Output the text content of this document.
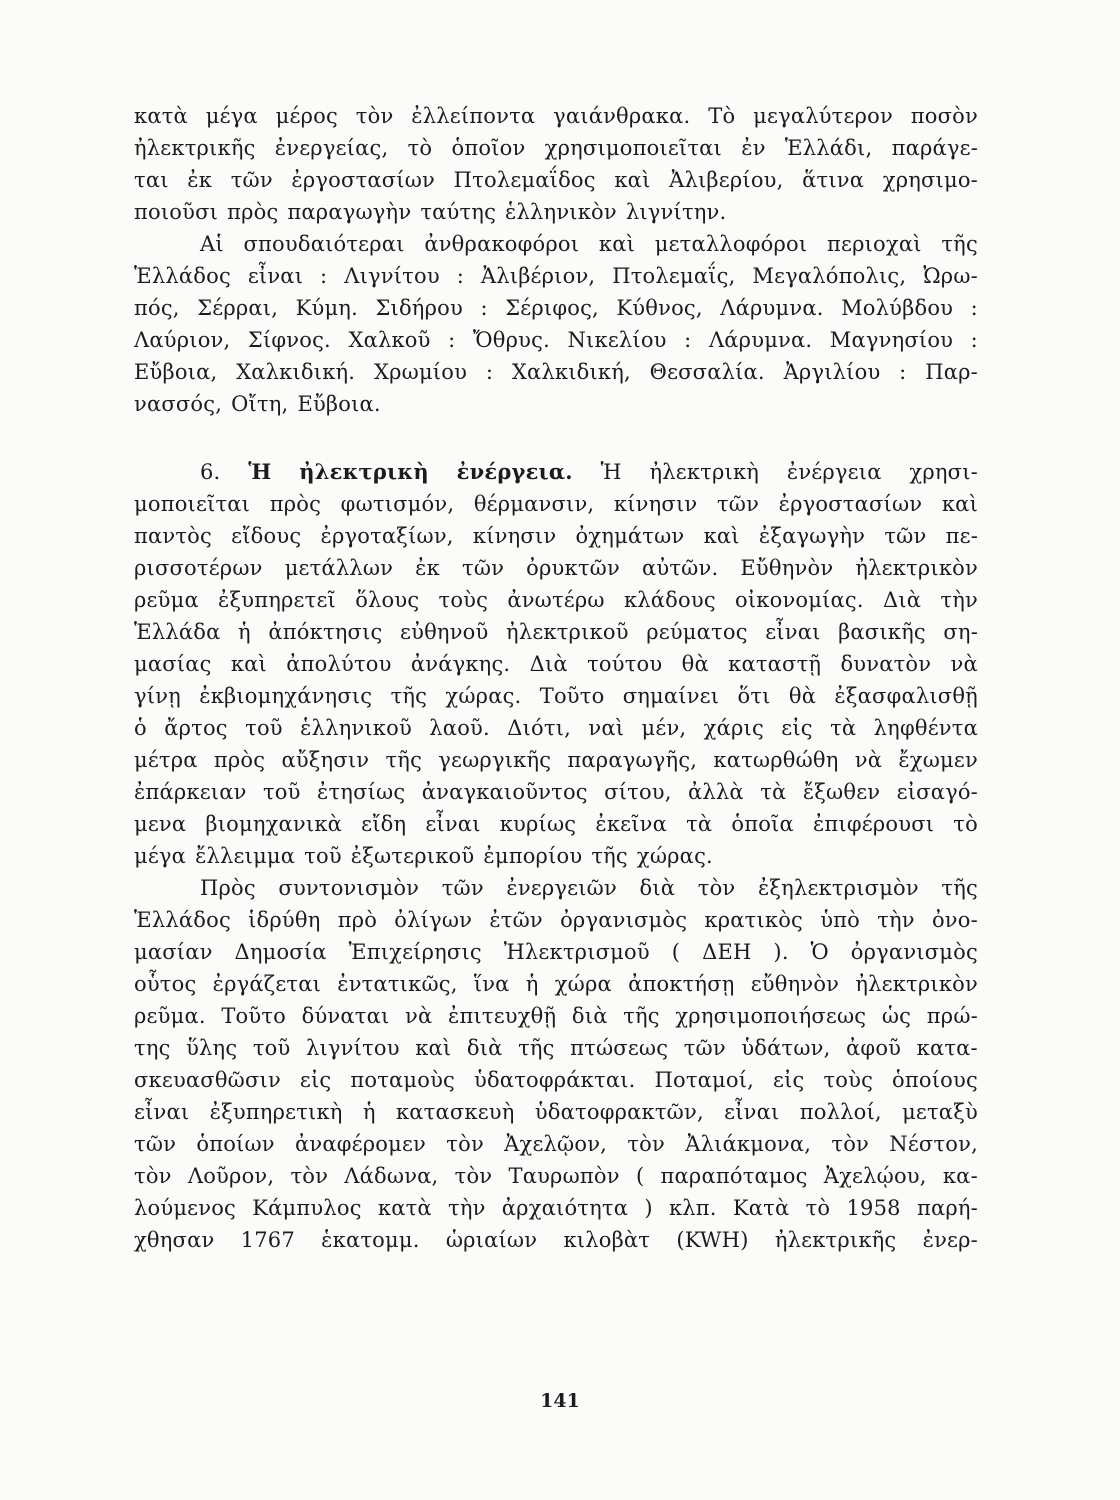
κατὰ μέγα μέρος τὸν ἐλλείποντα γαιάνθρακα. Τὸ μεγαλύτερον ποσὸν
ἠλεκτρικῆς ἐνεργείας, τὸ ὁποῖον χρησιμοποιεῖται ἐν Ἑλλάδι, παράγε-
ται ἐκ τῶν ἐργοστασίων Πτολεμαΐδος καὶ Ἀλιβερίου, ἅτινα χρησιμο-
ποιοῦσι πρὸς παραγωγὴν ταύτης ἑλληνικὸν λιγνίτην.
Αἱ σπουδαιότεραι ἀνθρακοφόροι καὶ μεταλλοφόροι περιοχαὶ τῆς
Ἑλλάδος εἶναι : Λιγνίτου : Ἀλιβέριον, Πτολεμαΐς, Μεγαλόπολις, Ὠρω-
πός, Σέρραι, Κύμη. Σιδήρου : Σέριφος, Κύθνος, Λάρυμνα. Μολύβδου :
Λαύριον, Σίφνος. Χαλκοῦ : Ὄθρυς. Νικελίου : Λάρυμνα. Μαγνησίου :
Εὔβοια, Χαλκιδική. Χρωμίου : Χαλκιδική, Θεσσαλία. Ἀργιλίου : Παρ-
νασσός, Οἴτη, Εὔβοια.
6. Ἡ ἠλεκτρικὴ ἐνέργεια. Ἡ ἠλεκτρικὴ ἐνέργεια χρησι-
μοποιεῖται πρὸς φωτισμόν, θέρμανσιν, κίνησιν τῶν ἐργοστασίων καὶ
παντὸς εἴδους ἐργοταξίων, κίνησιν ὀχημάτων καὶ ἐξαγωγὴν τῶν πε-
ρισσοτέρων μετάλλων ἐκ τῶν ὀρυκτῶν αὐτῶν. Εὔθηνὸν ἠλεκτρικὸν
ρεῦμα ἐξυπηρετεῖ ὅλους τοὺς ἀνωτέρω κλάδους οἰκονομίας. Διὰ τὴν
Ἑλλάδα ἡ ἀπόκτησις εὐθηνοῦ ἠλεκτρικοῦ ρεύματος εἶναι βασικῆς ση-
μασίας καὶ ἀπολύτου ἀνάγκης. Διὰ τούτου θὰ καταστῇ δυνατὸν νὰ
γίνῃ ἐκβιομηχάνησις τῆς χώρας. Τοῦτο σημαίνει ὅτι θὰ ἐξασφαλισθῇ
ὁ ἄρτος τοῦ ἑλληνικοῦ λαοῦ. Διότι, ναὶ μέν, χάρις εἰς τὰ ληφθέντα
μέτρα πρὸς αὔξησιν τῆς γεωργικῆς παραγωγῆς, κατωρθώθη νὰ ἔχωμεν
ἐπάρκειαν τοῦ ἐτησίως ἀναγκαιοῦντος σίτου, ἀλλὰ τὰ ἔξωθεν εἰσαγό-
μενα βιομηχανικὰ εἴδη εἶναι κυρίως ἐκεῖνα τὰ ὁποῖα ἐπιφέρουσι τὸ
μέγα ἔλλειμμα τοῦ ἐξωτερικοῦ ἐμπορίου τῆς χώρας.
Πρὸς συντονισμὸν τῶν ἐνεργειῶν διὰ τὸν ἐξηλεκτρισμὸν τῆς
Ἑλλάδος ἱδρύθη πρὸ ὀλίγων ἐτῶν ὀργανισμὸς κρατικὸς ὑπὸ τὴν ὀνο-
μασίαν Δημοσία Ἐπιχείρησις Ἠλεκτρισμοῦ ( ΔΕΗ ). Ὁ ὀργανισμὸς
οὗτος ἐργάζεται ἐντατικῶς, ἵνα ἡ χώρα ἀποκτήσῃ εὔθηνὸν ἠλεκτρικὸν
ρεῦμα. Τοῦτο δύναται νὰ ἐπιτευχθῇ διὰ τῆς χρησιμοποιήσεως ὡς πρώ-
της ὕλης τοῦ λιγνίτου καὶ διὰ τῆς πτώσεως τῶν ὑδάτων, ἀφοῦ κατα-
σκευασθῶσιν εἰς ποταμοὺς ὑδατοφράκται. Ποταμοί, εἰς τοὺς ὁποίους
εἶναι ἐξυπηρετικὴ ἡ κατασκευὴ ὑδατοφρακτῶν, εἶναι πολλοί, μεταξὺ
τῶν ὁποίων ἀναφέρομεν τὸν Ἀχελῷον, τὸν Ἀλιάκμονα, τὸν Νέστον,
τὸν Λοῦρον, τὸν Λάδωνα, τὸν Ταυρωπὸν ( παραπόταμος Ἀχελῴου, κα-
λούμενος Κάμπυλος κατὰ τὴν ἀρχαιότητα ) κλπ. Κατὰ τὸ 1958 παρή-
χθησαν 1767 ἑκατομμ. ὡριαίων κιλοβὰτ (KWH) ἠλεκτρικῆς ἐνερ-
141
